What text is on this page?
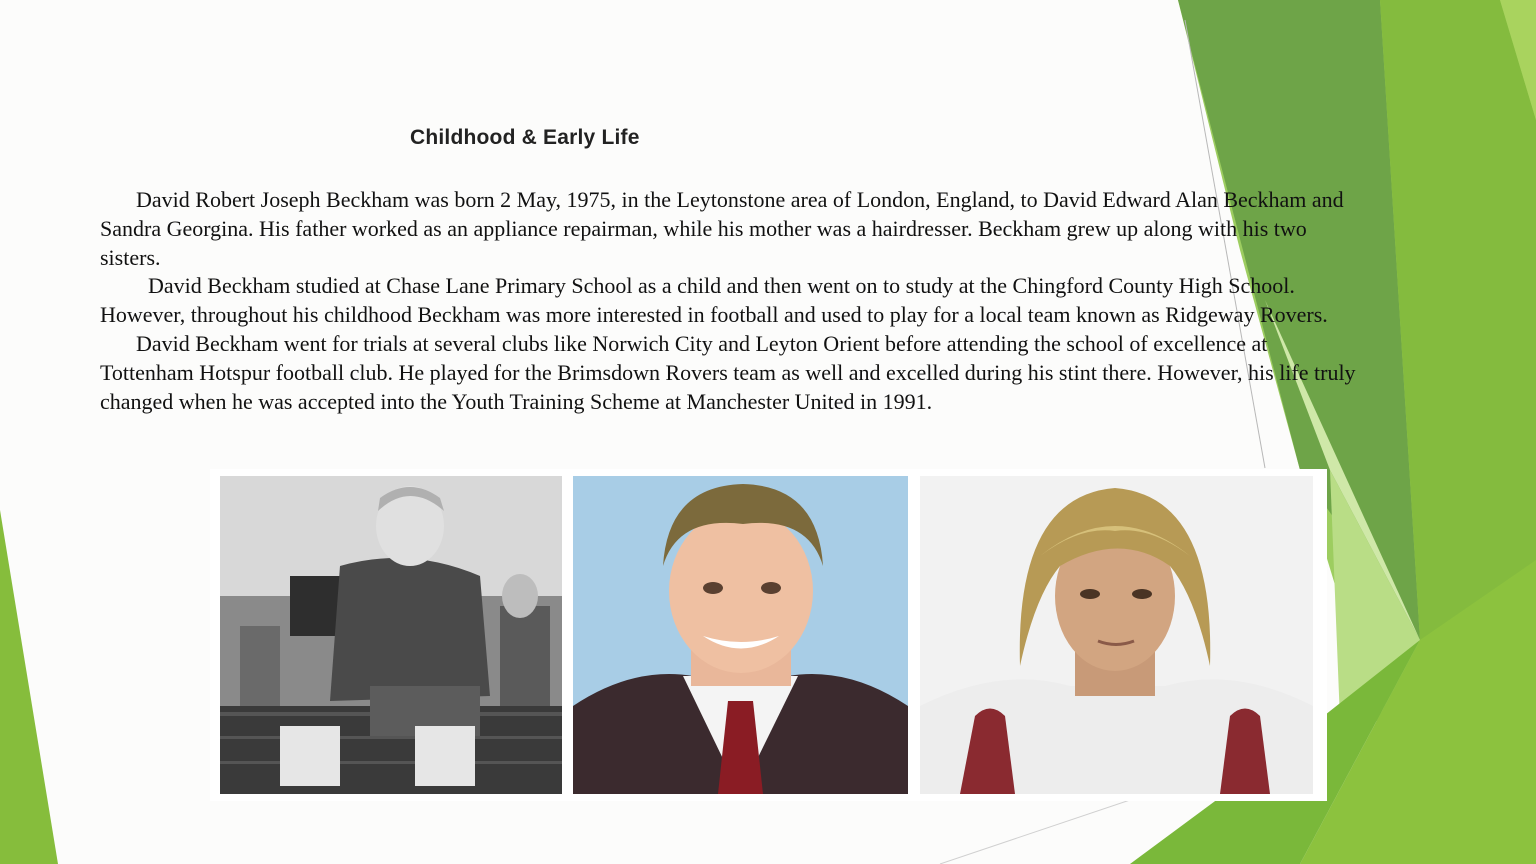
Childhood & Early Life

David Robert Joseph Beckham was born 2 May, 1975, in the Leytonstone area of London, England, to David Edward Alan Beckham and Sandra Georgina. His father worked as an appliance repairman, while his mother was a hairdresser. Beckham grew up along with his two sisters.

David Beckham studied at Chase Lane Primary School as a child and then went on to study at the Chingford County High School. However, throughout his childhood Beckham was more interested in football and used to play for a local team known as Ridgeway Rovers.

David Beckham went for trials at several clubs like Norwich City and Leyton Orient before attending the school of excellence at Tottenham Hotspur football club. He played for the Brimsdown Rovers team as well and excelled during his stint there. However, his life truly changed when he was accepted into the Youth Training Scheme at Manchester United in 1991.
